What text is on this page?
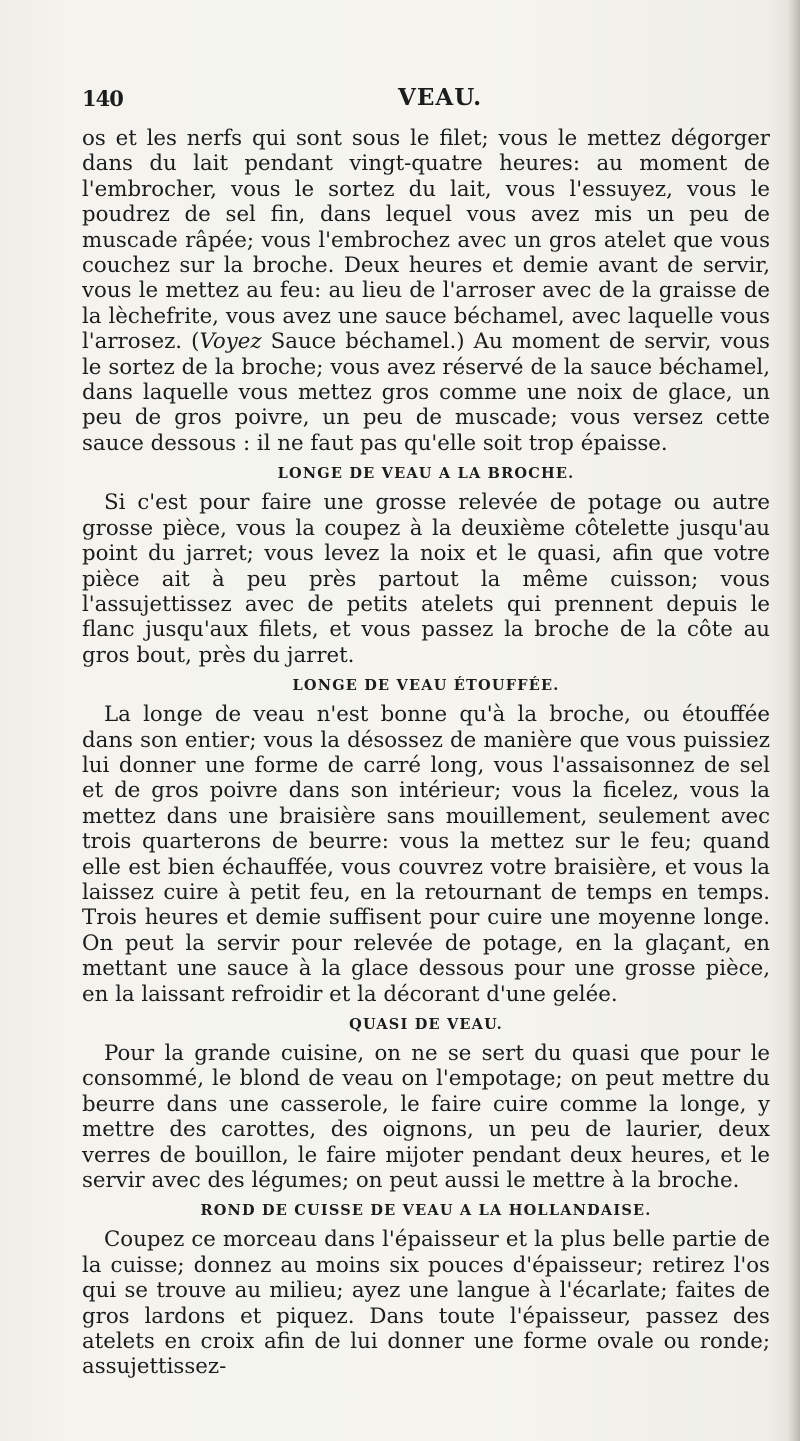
140	VEAU.

os et les nerfs qui sont sous le filet; vous le mettez dégorger dans du lait pendant vingt-quatre heures: au moment de l'embrocher, vous le sortez du lait, vous l'essuyez, vous le poudrez de sel fin, dans lequel vous avez mis un peu de muscade râpée; vous l'embrochez avec un gros atelet que vous couchez sur la broche. Deux heures et demie avant de servir, vous le mettez au feu: au lieu de l'arroser avec de la graisse de la lèchefrite, vous avez une sauce béchamel, avec laquelle vous l'arrosez. (Voyez Sauce béchamel.) Au moment de servir, vous le sortez de la broche; vous avez réservé de la sauce béchamel, dans laquelle vous mettez gros comme une noix de glace, un peu de gros poivre, un peu de muscade; vous versez cette sauce dessous : il ne faut pas qu'elle soit trop épaisse.

LONGE DE VEAU A LA BROCHE.

Si c'est pour faire une grosse relevée de potage ou autre grosse pièce, vous la coupez à la deuxième côtelette jusqu'au point du jarret; vous levez la noix et le quasi, afin que votre pièce ait à peu près partout la même cuisson; vous l'assujettissez avec de petits atelets qui prennent depuis le flanc jusqu'aux filets, et vous passez la broche de la côte au gros bout, près du jarret.

LONGE DE VEAU ÉTOUFFÉE.

La longe de veau n'est bonne qu'à la broche, ou étouffée dans son entier; vous la désossez de manière que vous puissiez lui donner une forme de carré long, vous l'assaisonnez de sel et de gros poivre dans son intérieur; vous la ficelez, vous la mettez dans une braisière sans mouillement, seulement avec trois quarterons de beurre: vous la mettez sur le feu; quand elle est bien échauffée, vous couvrez votre braisière, et vous la laissez cuire à petit feu, en la retournant de temps en temps. Trois heures et demie suffisent pour cuire une moyenne longe. On peut la servir pour relevée de potage, en la glaçant, en mettant une sauce à la glace dessous pour une grosse pièce, en la laissant refroidir et la décorant d'une gelée.

QUASI DE VEAU.

Pour la grande cuisine, on ne se sert du quasi que pour le consommé, le blond de veau on l'empotage; on peut mettre du beurre dans une casserole, le faire cuire comme la longe, y mettre des carottes, des oignons, un peu de laurier, deux verres de bouillon, le faire mijoter pendant deux heures, et le servir avec des légumes; on peut aussi le mettre à la broche.

ROND DE CUISSE DE VEAU A LA HOLLANDAISE.

Coupez ce morceau dans l'épaisseur et la plus belle partie de la cuisse; donnez au moins six pouces d'épaisseur; retirez l'os qui se trouve au milieu; ayez une langue à l'écarlate; faites de gros lardons et piquez. Dans toute l'épaisseur, passez des atelets en croix afin de lui donner une forme ovale ou ronde; assujettissez-
